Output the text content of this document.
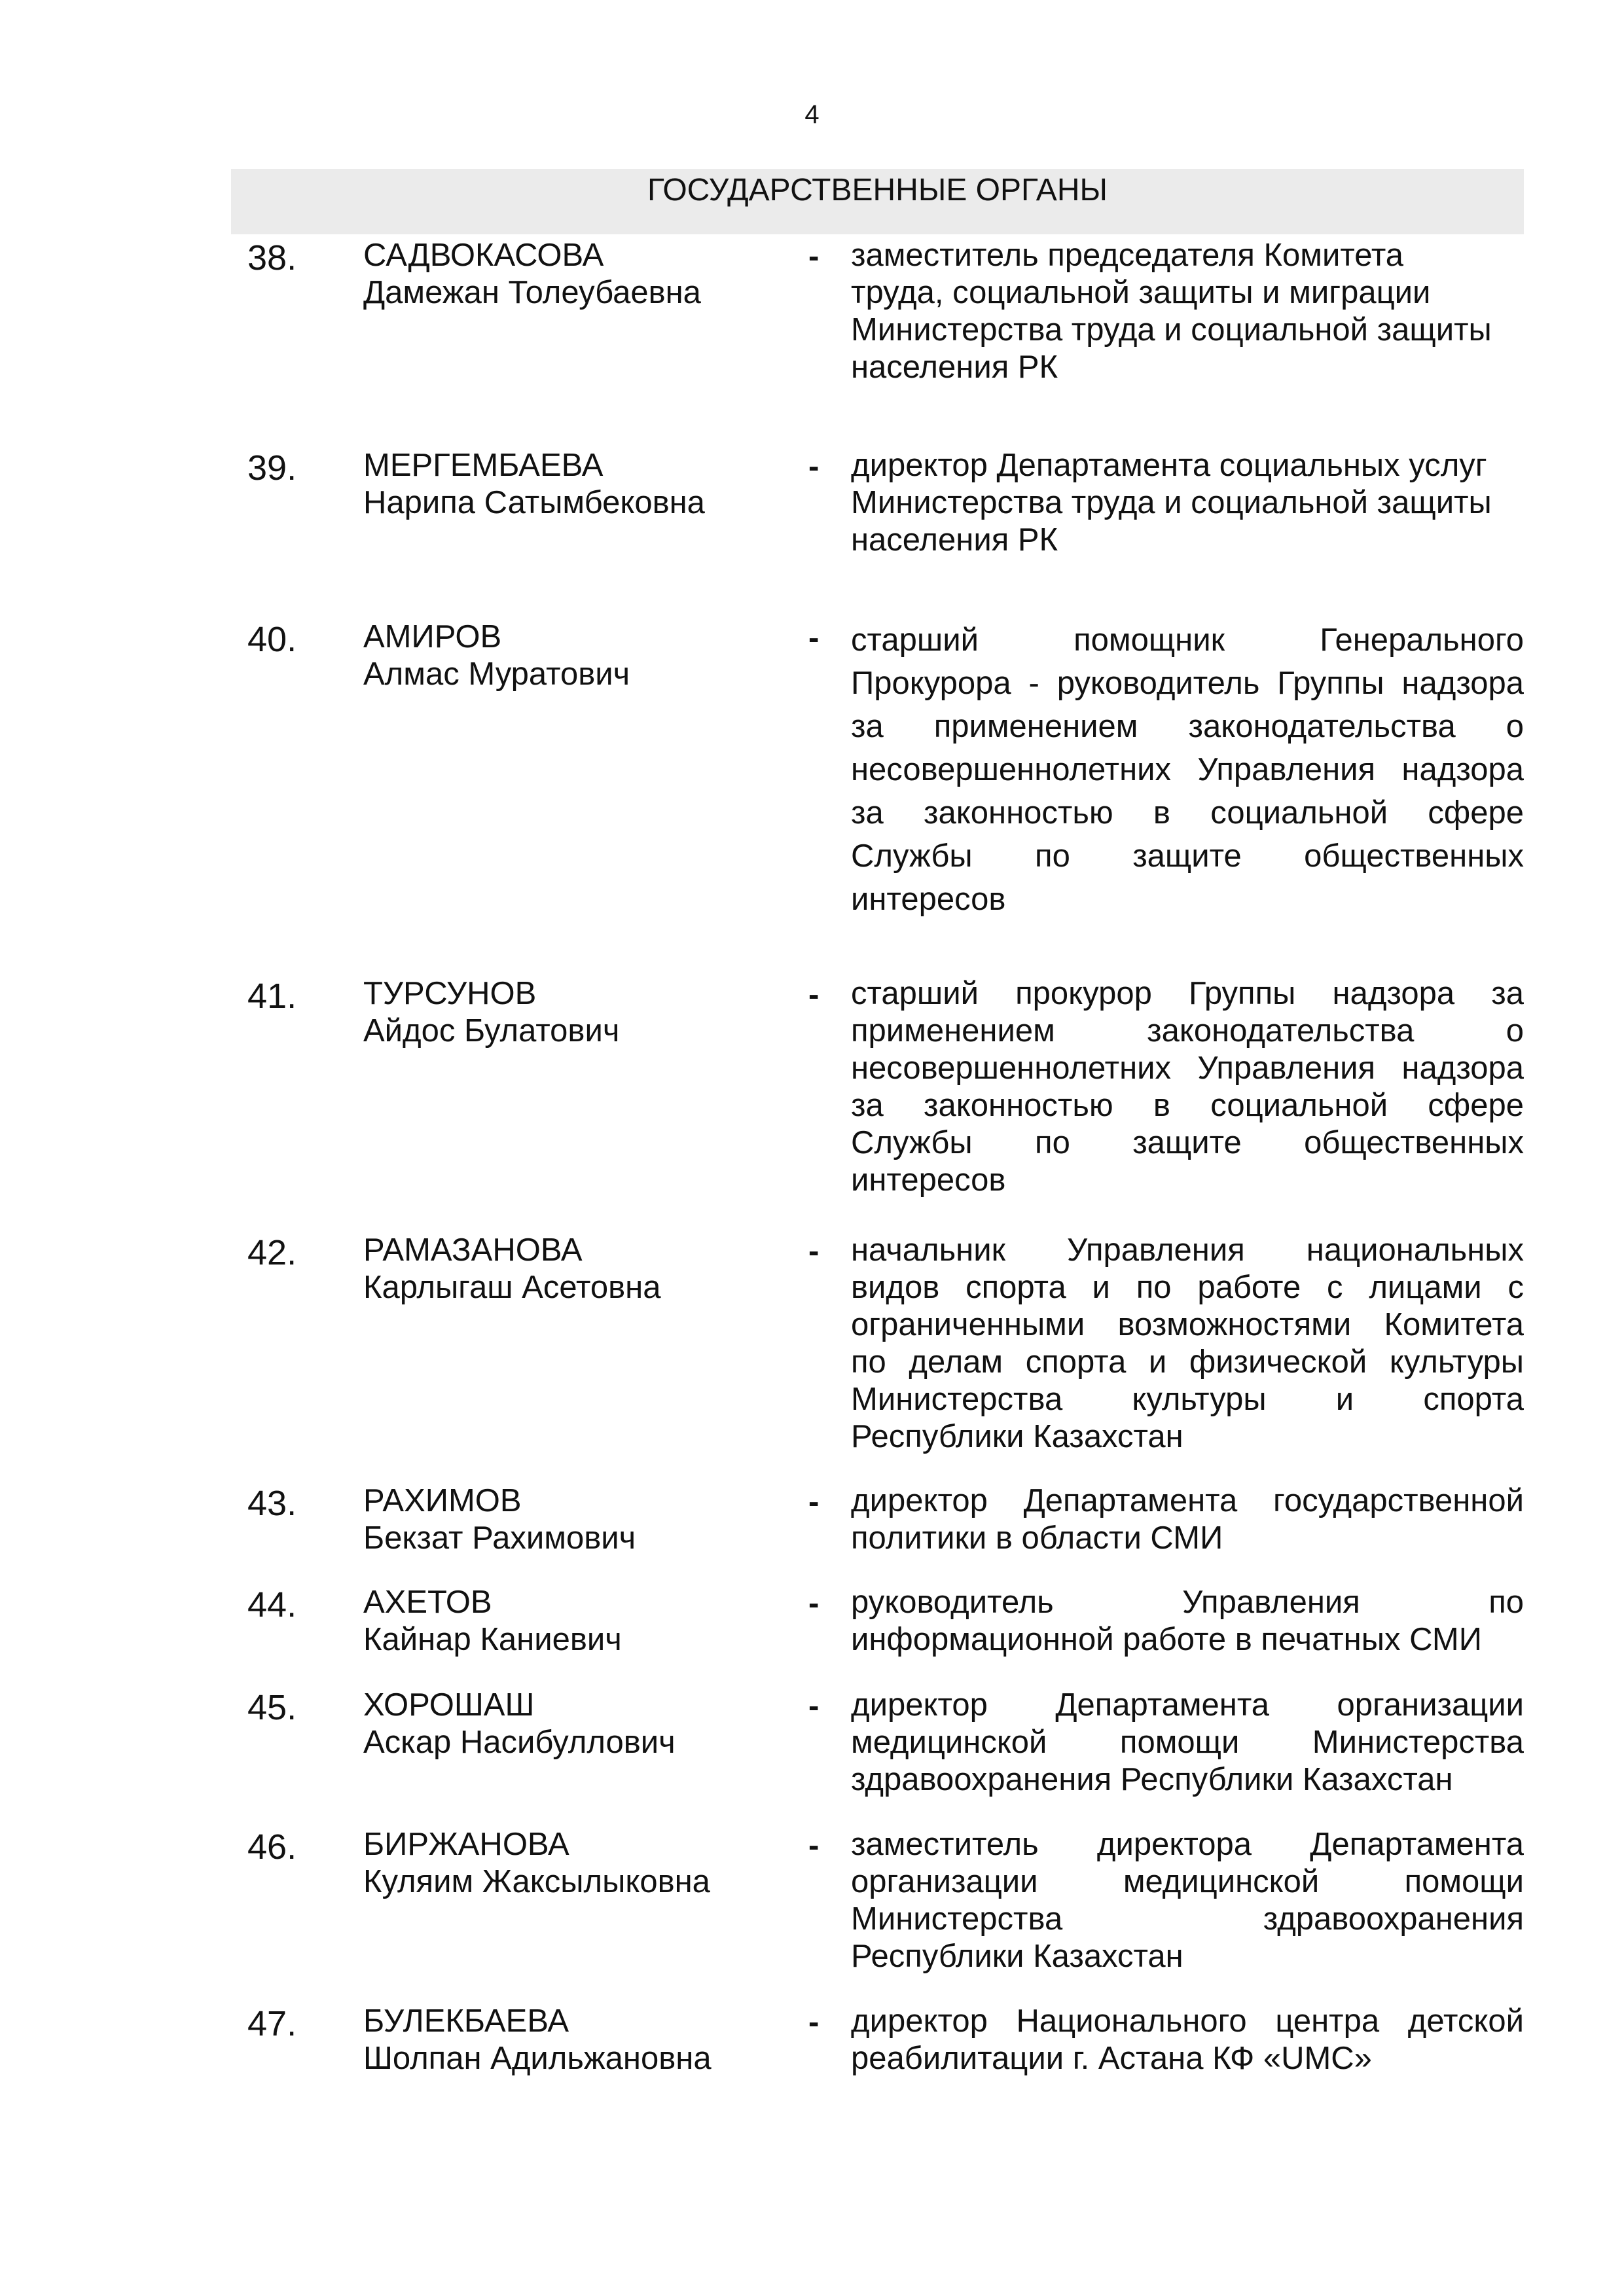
4
ГОСУДАРСТВЕННЫЕ ОРГАНЫ
38. САДВОКАСОВА
Дамежан Толеубаевна
- заместитель председателя Комитета
труда, социальной защиты и миграции
Министерства труда и социальной защиты
населения РК
39. МЕРГЕМБАЕВА
Нарипа Сатымбековна
- директор Департамента социальных услуг
Министерства труда и социальной защиты
населения РК
40. АМИРОВ
Алмас Муратович
- старший помощник Генерального
Прокурора - руководитель Группы надзора
за применением законодательства о
несовершеннолетних Управления надзора
за законностью в социальной сфере
Службы по защите общественных
интересов
41. ТУРСУНОВ
Айдос Булатович
- старший прокурор Группы надзора за
применением законодательства о
несовершеннолетних Управления надзора
за законностью в социальной сфере
Службы по защите общественных
интересов
42. РАМАЗАНОВА
Карлыгаш Асетовна
- начальник Управления национальных
видов спорта и по работе с лицами с
ограниченными возможностями Комитета
по делам спорта и физической культуры
Министерства культуры и спорта
Республики Казахстан
43. РАХИМОВ
Бекзат Рахимович
- директор Департамента государственной
политики в области СМИ
44. АХЕТОВ
Кайнар Каниевич
- руководитель Управления по
информационной работе в печатных СМИ
45. ХОРОШАШ
Аскар Насибуллович
- директор Департамента организации
медицинской помощи Министерства
здравоохранения Республики Казахстан
46. БИРЖАНОВА
Куляим Жаксылыковна
- заместитель директора Департамента
организации медицинской помощи
Министерства здравоохранения
Республики Казахстан
47. БУЛЕКБАЕВА
Шолпан Адильжановна
- директор Национального центра детской
реабилитации г. Астана КФ «UMC»
